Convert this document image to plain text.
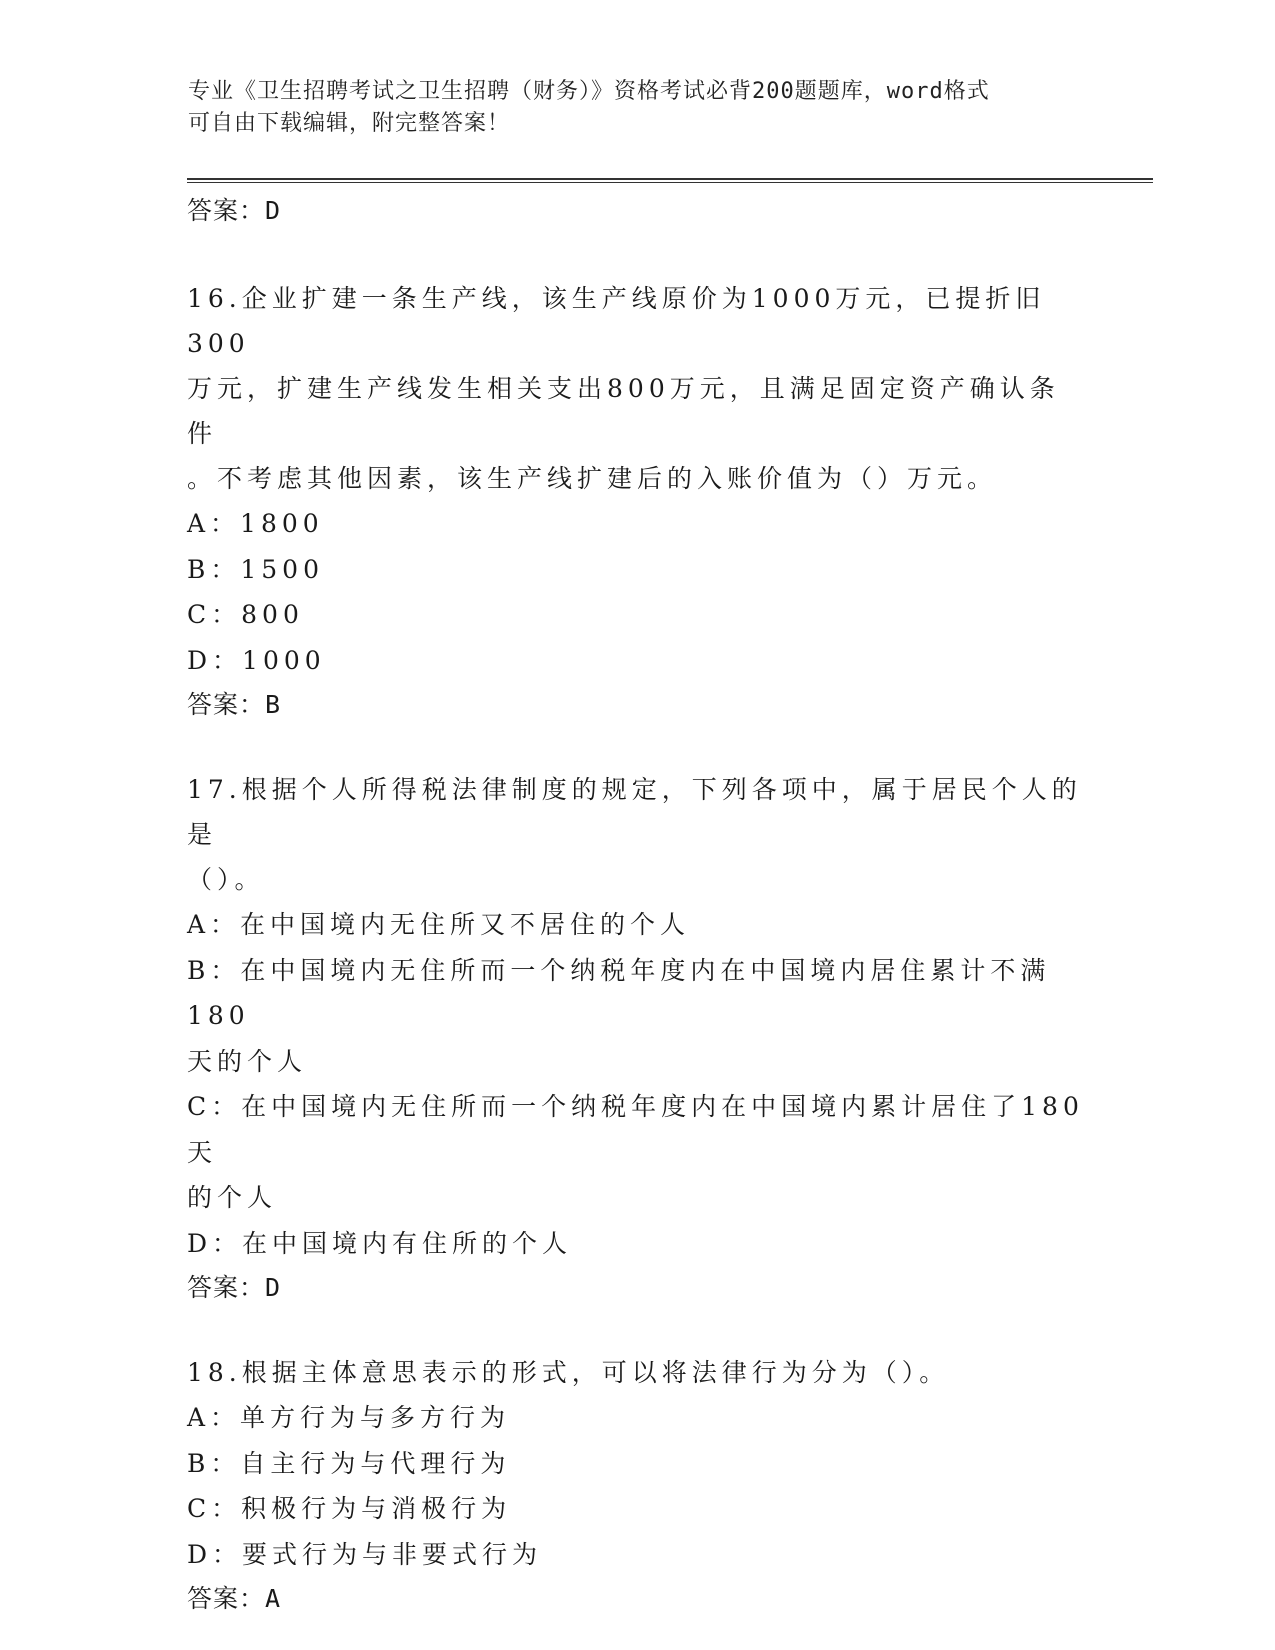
专业《卫生招聘考试之卫生招聘（财务）》资格考试必背200题题库，word格式
可自由下载编辑，附完整答案！

答案：D

16.企业扩建一条生产线，该生产线原价为1000万元，已提折旧300

万元，扩建生产线发生相关支出800万元，且满足固定资产确认条件

。不考虑其他因素，该生产线扩建后的入账价值为（）万元。

A：1800

B：1500

C：800

D：1000

答案：B

17.根据个人所得税法律制度的规定，下列各项中，属于居民个人的是

（）。

A：在中国境内无住所又不居住的个人

B：在中国境内无住所而一个纳税年度内在中国境内居住累计不满180

天的个人

C：在中国境内无住所而一个纳税年度内在中国境内累计居住了180天

的个人

D：在中国境内有住所的个人

答案：D

18.根据主体意思表示的形式，可以将法律行为分为（）。

A：单方行为与多方行为

B：自主行为与代理行为

C：积极行为与消极行为

D：要式行为与非要式行为

答案：A
